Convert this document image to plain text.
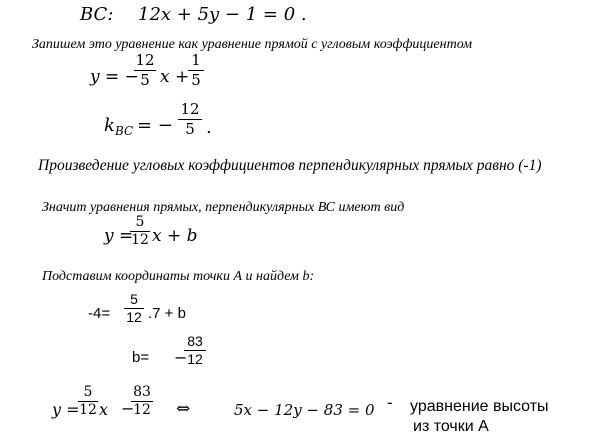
BC: 12x + 5y − 1 = 0 .
Запишем это уравнение как уравнение прямой с угловым коэффициентом
y = −
12
5 x +
1
5
k BC = −
12
5 .
Произведение угловых коэффициентов перпендикулярных прямых равно (-1)
Значит уравнения прямых, перпендикулярных ВС имеют вид
y =
5
12 x + b
Подставим координаты точки А и найдем b:
-4=
5
12 .7 + b
b= −
83
12
y =
5
12 x −
83
12 ⇔	5x − 12y − 83 = 0 - уравнение высоты
из точки А
